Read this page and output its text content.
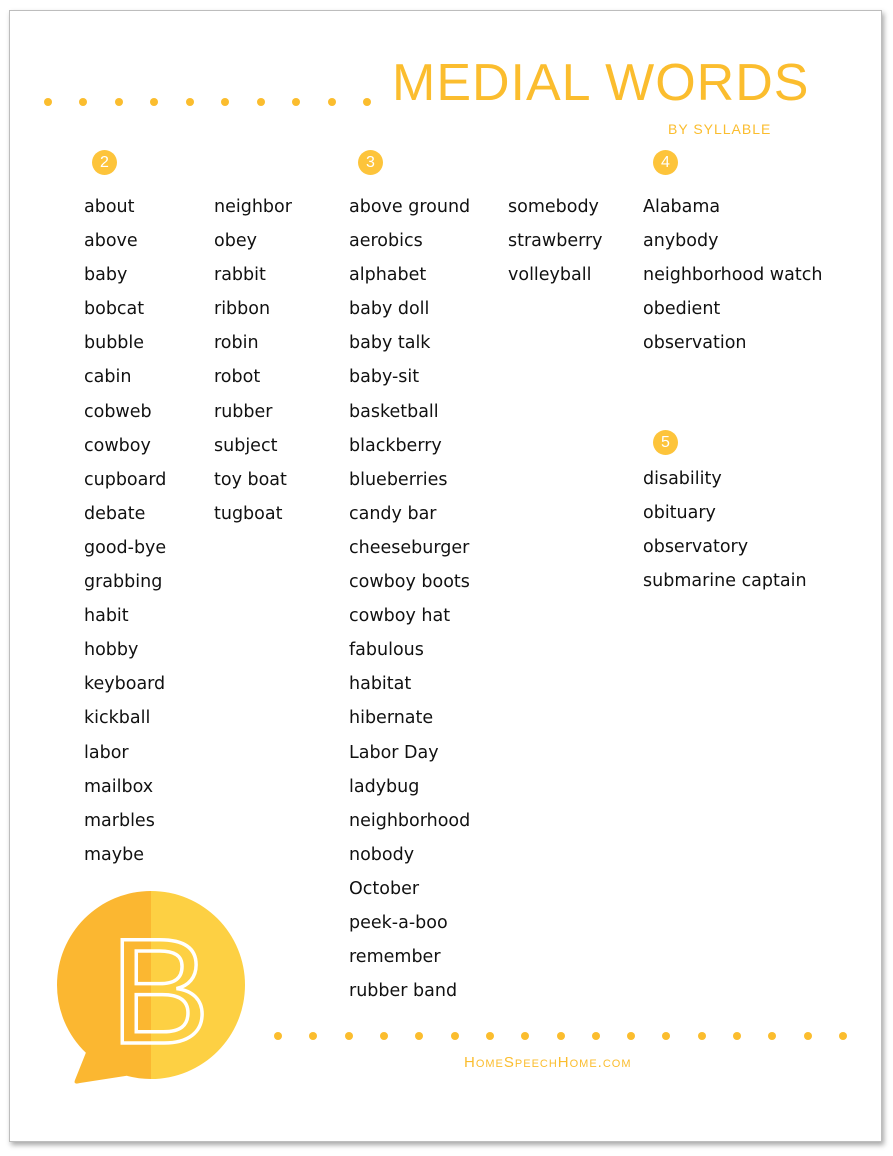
MEDIAL WORDS
BY SYLLABLE
2
about
above
baby
bobcat
bubble
cabin
cobweb
cowboy
cupboard
debate
good-bye
grabbing
habit
hobby
keyboard
kickball
labor
mailbox
marbles
maybe
neighbor
obey
rabbit
ribbon
robin
robot
rubber
subject
toy boat
tugboat
3
above ground
aerobics
alphabet
baby doll
baby talk
baby-sit
basketball
blackberry
blueberries
candy bar
cheeseburger
cowboy boots
cowboy hat
fabulous
habitat
hibernate
Labor Day
ladybug
neighborhood
nobody
October
peek-a-boo
remember
rubber band
somebody
strawberry
volleyball
4
Alabama
anybody
neighborhood watch
obedient
observation
5
disability
obituary
observatory
submarine captain
B	HomeSpeechHome.com
